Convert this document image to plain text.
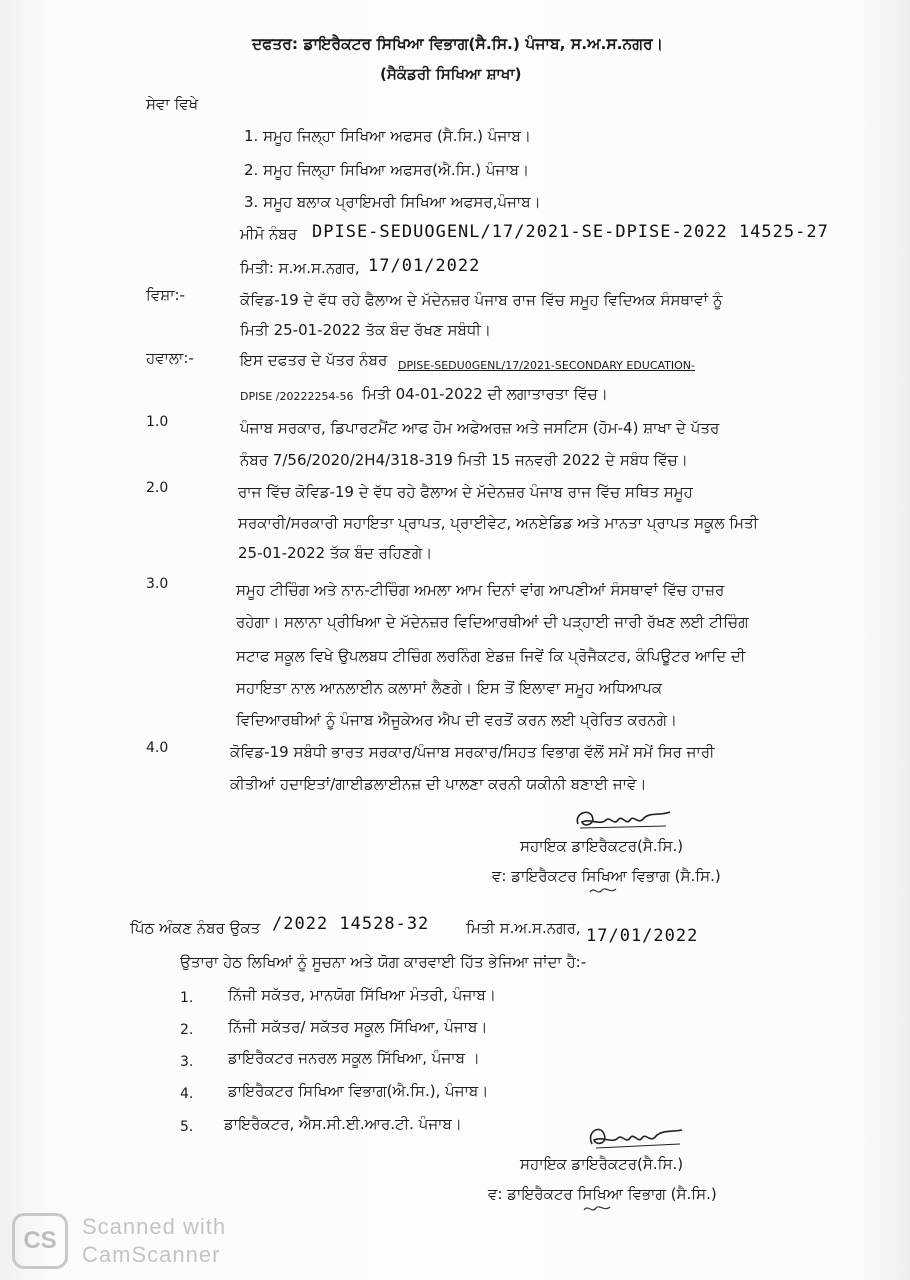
ਦਫਤਰ: ਡਾਇਰੈਕਟਰ ਸਿਖਿਆ ਵਿਭਾਗ(ਸੈ.ਸਿ.) ਪੰਜਾਬ, ਸ.ਅ.ਸ.ਨਗਰ।
(ਸੈਕੰਡਰੀ ਸਿਖਿਆ ਸ਼ਾਖਾ)
ਸੇਵਾ ਵਿਖੇ
1. ਸਮੂਹ ਜਿਲ੍ਹਾ ਸਿਖਿਆ ਅਫਸਰ (ਸੈ.ਸਿ.) ਪੰਜਾਬ।
2. ਸਮੂਹ ਜਿਲ੍ਹਾ ਸਿਖਿਆ ਅਫਸਰ(ਐ.ਸਿ.) ਪੰਜਾਬ।
3. ਸਮੂਹ ਬਲਾਕ ਪ੍ਰਾਇਮਰੀ ਸਿਖਿਆ ਅਫਸਰ,ਪੰਜਾਬ।
ਮੀਮੋ ਨੰਬਰ DPISE-SEDUOGENL/17/2021-SE-DPISE-2022 14525-27
ਮਿਤੀ: ਸ.ਅ.ਸ.ਨਗਰ, 17/01/2022
ਵਿਸ਼ਾ:-	ਕੋਵਿਡ-19 ਦੇ ਵੱਧ ਰਹੇ ਫੈਲਾਅ ਦੇ ਮੱਦੇਨਜ਼ਰ ਪੰਜਾਬ ਰਾਜ ਵਿੱਚ ਸਮੂਹ ਵਿਦਿਅਕ ਸੰਸਥਾਵਾਂ ਨੂੰ
ਮਿਤੀ 25-01-2022 ਤੱਕ ਬੰਦ ਰੱਖਣ ਸਬੰਧੀ।
ਹਵਾਲਾ:-	ਇਸ ਦਫਤਰ ਦੇ ਪੱਤਰ ਨੰਬਰ DPISE-SEDU0GENL/17/2021-SECONDARY EDUCATION-
DPISE /20222254-56 ਮਿਤੀ 04-01-2022 ਦੀ ਲਗਾਤਾਰਤਾ ਵਿੱਚ।
1.0	ਪੰਜਾਬ ਸਰਕਾਰ, ਡਿਪਾਰਟਮੈਂਟ ਆਫ ਹੋਮ ਅਫੇਅਰਜ਼ ਅਤੇ ਜਸਟਿਸ (ਹੋਮ-4) ਸ਼ਾਖਾ ਦੇ ਪੱਤਰ
ਨੰਬਰ 7/56/2020/2H4/318-319 ਮਿਤੀ 15 ਜਨਵਰੀ 2022 ਦੇ ਸਬੰਧ ਵਿੱਚ।
2.0	ਰਾਜ ਵਿੱਚ ਕੋਵਿਡ-19 ਦੇ ਵੱਧ ਰਹੇ ਫੈਲਾਅ ਦੇ ਮੱਦੇਨਜ਼ਰ ਪੰਜਾਬ ਰਾਜ ਵਿੱਚ ਸਥਿਤ ਸਮੂਹ
ਸਰਕਾਰੀ/ਸਰਕਾਰੀ ਸਹਾਇਤਾ ਪ੍ਰਾਪਤ, ਪ੍ਰਾਈਵੇਟ, ਅਨਏਡਿਡ ਅਤੇ ਮਾਨਤਾ ਪ੍ਰਾਪਤ ਸਕੂਲ ਮਿਤੀ
25-01-2022 ਤੱਕ ਬੰਦ ਰਹਿਣਗੇ।
3.0	ਸਮੂਹ ਟੀਚਿੰਗ ਅਤੇ ਨਾਨ-ਟੀਚਿੰਗ ਅਮਲਾ ਆਮ ਦਿਨਾਂ ਵਾਂਗ ਆਪਣੀਆਂ ਸੰਸਥਾਵਾਂ ਵਿੱਚ ਹਾਜ਼ਰ
ਰਹੇਗਾ। ਸਲਾਨਾ ਪ੍ਰੀਖਿਆ ਦੇ ਮੱਦੇਨਜ਼ਰ ਵਿਦਿਆਰਥੀਆਂ ਦੀ ਪੜ੍ਹਾਈ ਜਾਰੀ ਰੱਖਣ ਲਈ ਟੀਚਿੰਗ
ਸਟਾਫ ਸਕੂਲ ਵਿਖੇ ਉਪਲਬਧ ਟੀਚਿੰਗ ਲਰਨਿੰਗ ਏਡਜ਼ ਜਿਵੇਂ ਕਿ ਪ੍ਰੋਜੈਕਟਰ, ਕੰਪਿਊਟਰ ਆਦਿ ਦੀ
ਸਹਾਇਤਾ ਨਾਲ ਆਨਲਾਈਨ ਕਲਾਸਾਂ ਲੈਣਗੇ। ਇਸ ਤੋਂ ਇਲਾਵਾ ਸਮੂਹ ਅਧਿਆਪਕ
ਵਿਦਿਆਰਥੀਆਂ ਨੂੰ ਪੰਜਾਬ ਐਜੂਕੇਅਰ ਐਪ ਦੀ ਵਰਤੋਂ ਕਰਨ ਲਈ ਪ੍ਰੇਰਿਤ ਕਰਨਗੇ।
4.0	ਕੋਵਿਡ-19 ਸਬੰਧੀ ਭਾਰਤ ਸਰਕਾਰ/ਪੰਜਾਬ ਸਰਕਾਰ/ਸਿਹਤ ਵਿਭਾਗ ਵੱਲੋਂ ਸਮੇਂ ਸਮੇਂ ਸਿਰ ਜਾਰੀ
ਕੀਤੀਆਂ ਹਦਾਇਤਾਂ/ਗਾਈਡਲਾਈਨਜ਼ ਦੀ ਪਾਲਣਾ ਕਰਨੀ ਯਕੀਨੀ ਬਣਾਈ ਜਾਵੇ।
ਸਹਾਇਕ ਡਾਇਰੈਕਟਰ(ਸੈ.ਸਿ.)
ਵ: ਡਾਇਰੈਕਟਰ ਸਿਖਿਆ ਵਿਭਾਗ (ਸੈ.ਸਿ.)
ਪਿੱਠ ਅੰਕਣ ਨੰਬਰ ਉਕਤ /2022 14528-32 ਮਿਤੀ ਸ.ਅ.ਸ.ਨਗਰ, 17/01/2022
ਉਤਾਰਾ ਹੇਠ ਲਿਖਿਆਂ ਨੂੰ ਸੂਚਨਾ ਅਤੇ ਯੋਗ ਕਾਰਵਾਈ ਹਿੱਤ ਭੇਜਿਆ ਜਾਂਦਾ ਹੈ:-
1. ਨਿੱਜੀ ਸਕੱਤਰ, ਮਾਨਯੋਗ ਸਿੱਖਿਆ ਮੰਤਰੀ, ਪੰਜਾਬ।
2. ਨਿੱਜੀ ਸਕੱਤਰ/ ਸਕੱਤਰ ਸਕੂਲ ਸਿੱਖਿਆ, ਪੰਜਾਬ।
3. ਡਾਇਰੈਕਟਰ ਜਨਰਲ ਸਕੂਲ ਸਿੱਖਿਆ, ਪੰਜਾਬ ।
4. ਡਾਇਰੈਕਟਰ ਸਿਖਿਆ ਵਿਭਾਗ(ਐ.ਸਿ.), ਪੰਜਾਬ।
5. ਡਾਇਰੈਕਟਰ, ਐਸ.ਸੀ.ਈ.ਆਰ.ਟੀ. ਪੰਜਾਬ।
ਸਹਾਇਕ ਡਾਇਰੈਕਟਰ(ਸੈ.ਸਿ.)
ਵ: ਡਾਇਰੈਕਟਰ ਸਿਖਿਆ ਵਿਭਾਗ (ਸੈ.ਸਿ.)
CS
Scanned with
CamScanner
